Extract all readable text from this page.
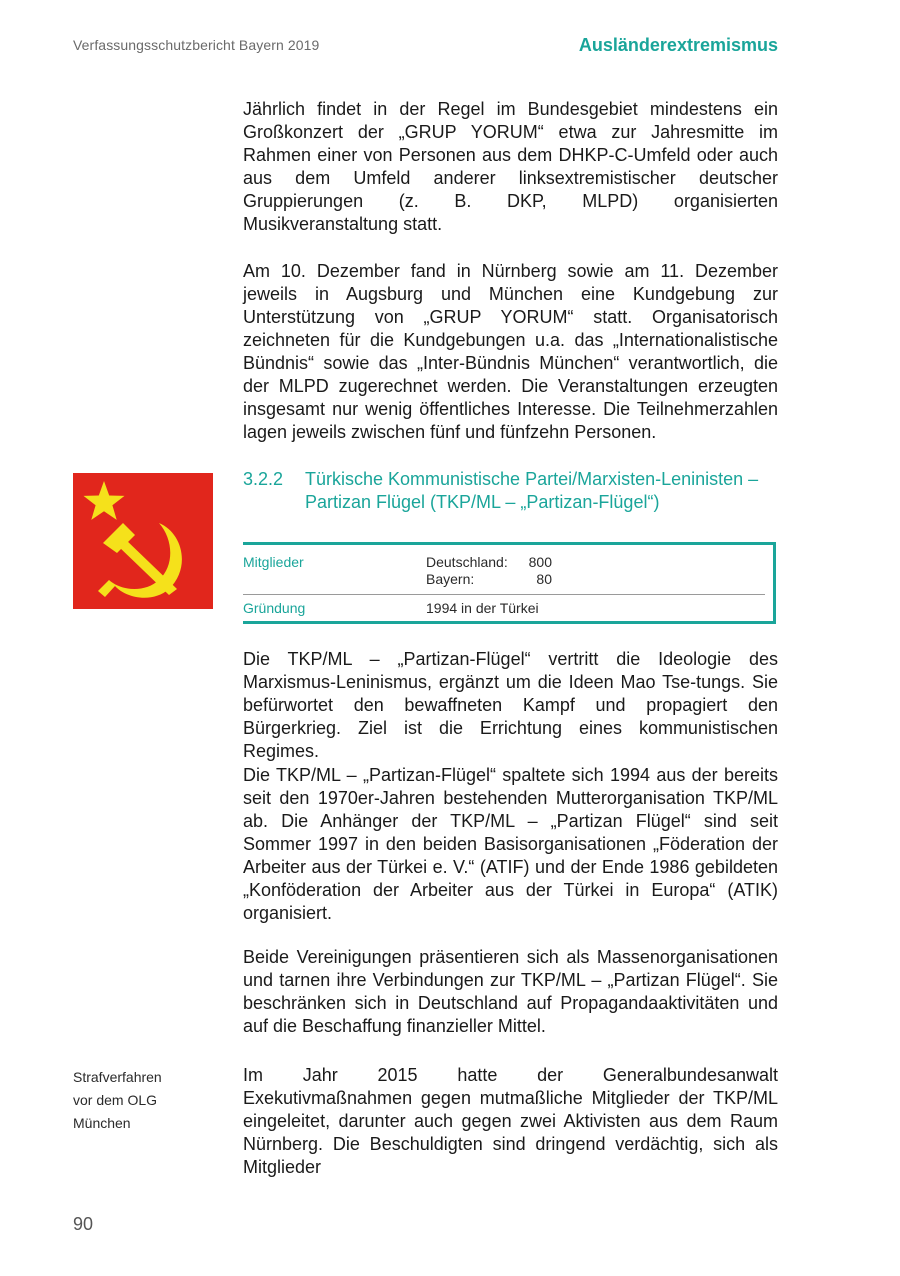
Verfassungsschutzbericht Bayern 2019	Ausländerextremismus

Jährlich findet in der Regel im Bundesgebiet mindestens ein Großkonzert der „GRUP YORUM“ etwa zur Jahresmitte im Rahmen einer von Personen aus dem DHKP-C-Umfeld oder auch aus dem Umfeld anderer linksextremistischer deutscher Gruppierungen (z. B. DKP, MLPD) organisierten Musikveranstaltung statt.

Am 10. Dezember fand in Nürnberg sowie am 11. Dezember jeweils in Augsburg und München eine Kundgebung zur Unterstützung von „GRUP YORUM“ statt. Organisatorisch zeichneten für die Kundgebungen u.a. das „Internationalistische Bündnis“ sowie das „Inter-Bündnis München“ verantwortlich, die der MLPD zugerechnet werden. Die Veranstaltungen erzeugten insgesamt nur wenig öffentliches Interesse. Die Teilnehmerzahlen lagen jeweils zwischen fünf und fünfzehn Personen.

3.2.2 Türkische Kommunistische Partei/Marxisten-Leninisten – Partizan Flügel (TKP/ML – „Partizan-Flügel“)
Mitglieder	Deutschland:	800
Bayern:	80
Gründung	1994 in der Türkei

Die TKP/ML – „Partizan-Flügel“ vertritt die Ideologie des Marxismus-Leninismus, ergänzt um die Ideen Mao Tse-tungs. Sie befürwortet den bewaffneten Kampf und propagiert den Bürgerkrieg. Ziel ist die Errichtung eines kommunistischen Regimes.

Die TKP/ML – „Partizan-Flügel“ spaltete sich 1994 aus der bereits seit den 1970er-Jahren bestehenden Mutterorganisation TKP/ML ab. Die Anhänger der TKP/ML – „Partizan Flügel“ sind seit Sommer 1997 in den beiden Basisorganisationen „Föderation der Arbeiter aus der Türkei e. V.“ (ATIF) und der Ende 1986 gebildeten „Konföderation der Arbeiter aus der Türkei in Europa“ (ATIK) organisiert.

Beide Vereinigungen präsentieren sich als Massenorganisationen und tarnen ihre Verbindungen zur TKP/ML – „Partizan Flügel“. Sie beschränken sich in Deutschland auf Propagandaaktivitäten und auf die Beschaffung finanzieller Mittel.

Strafverfahren
vor dem OLG
München

Im Jahr 2015 hatte der Generalbundesanwalt Exekutivmaßnahmen gegen mutmaßliche Mitglieder der TKP/ML eingeleitet, darunter auch gegen zwei Aktivisten aus dem Raum Nürnberg. Die Beschuldigten sind dringend verdächtig, sich als Mitglieder

90
